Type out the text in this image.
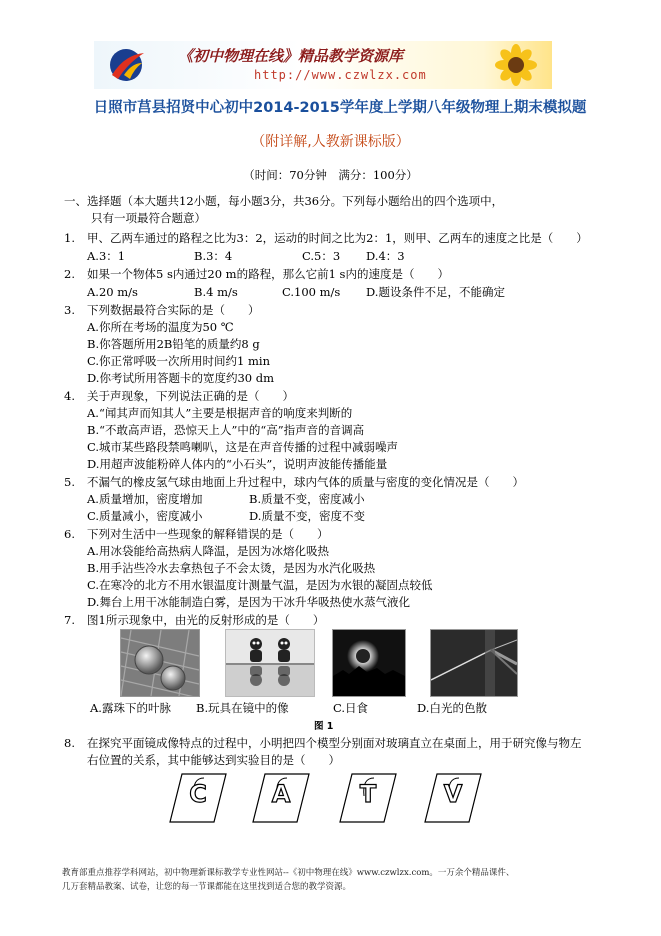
《初中物理在线》精品教学资源库
http://www.czwlzx.com
日照市莒县招贤中心初中2014-2015学年度上学期八年级物理上期末模拟题
（附详解,人教新课标版）
（时间：70分钟　满分：100分）
一、选择题（本大题共12小题，每小题3分，共36分。下列每小题给出的四个选项中，
只有一项最符合题意）
1. 甲、乙两车通过的路程之比为3：2，运动的时间之比为2：1，则甲、乙两车的速度之比是（　　）
A.3：1	B.3：4	C.5：3 D.4：3
2. 如果一个物体5 s内通过20 m的路程，那么它前1 s内的速度是（　　）
A.20 m/s	B.4 m/s	C.100 m/s D.题设条件不足，不能确定
3. 下列数据最符合实际的是（　　）
A.你所在考场的温度为50 ℃
B.你答题所用2B铅笔的质量约8 g
C.你正常呼吸一次所用时间约1 min
D.你考试所用答题卡的宽度约30 dm
4. 关于声现象，下列说法正确的是（　　）
A.“闻其声而知其人”主要是根据声音的响度来判断的
B.“不敢高声语，恐惊天上人”中的“高”指声音的音调高
C.城市某些路段禁鸣喇叭，这是在声音传播的过程中减弱噪声
D.用超声波能粉碎人体内的“小石头”，说明声波能传播能量
5. 不漏气的橡皮氢气球由地面上升过程中，球内气体的质量与密度的变化情况是（　　）
A.质量增加，密度增加	B.质量不变，密度减小
C.质量减小，密度减小	D.质量不变，密度不变
6. 下列对生活中一些现象的解释错误的是（　　）
A.用冰袋能给高热病人降温，是因为冰熔化吸热
B.用手沾些冷水去拿热包子不会太烫，是因为水汽化吸热
C.在寒冷的北方不用水银温度计测量气温，是因为水银的凝固点较低
D.舞台上用干冰能制造白雾，是因为干冰升华吸热使水蒸气液化
7. 图1所示现象中，由光的反射形成的是（　　）
A.露珠下的叶脉 B.玩具在镜中的像	C.日食	D.白光的色散
图 1
8. 在探究平面镜成像特点的过程中，小明把四个模型分别面对玻璃直立在桌面上，用于研究像与物左
右位置的关系，其中能够达到实验目的是（　　）
C	A	T	V
教育部重点推荐学科网站，初中物理新课标教学专业性网站--《初中物理在线》www.czwlzx.com。一万余个精品课件、
几万套精品教案、试卷，让您的每一节课都能在这里找到适合您的教学资源。
